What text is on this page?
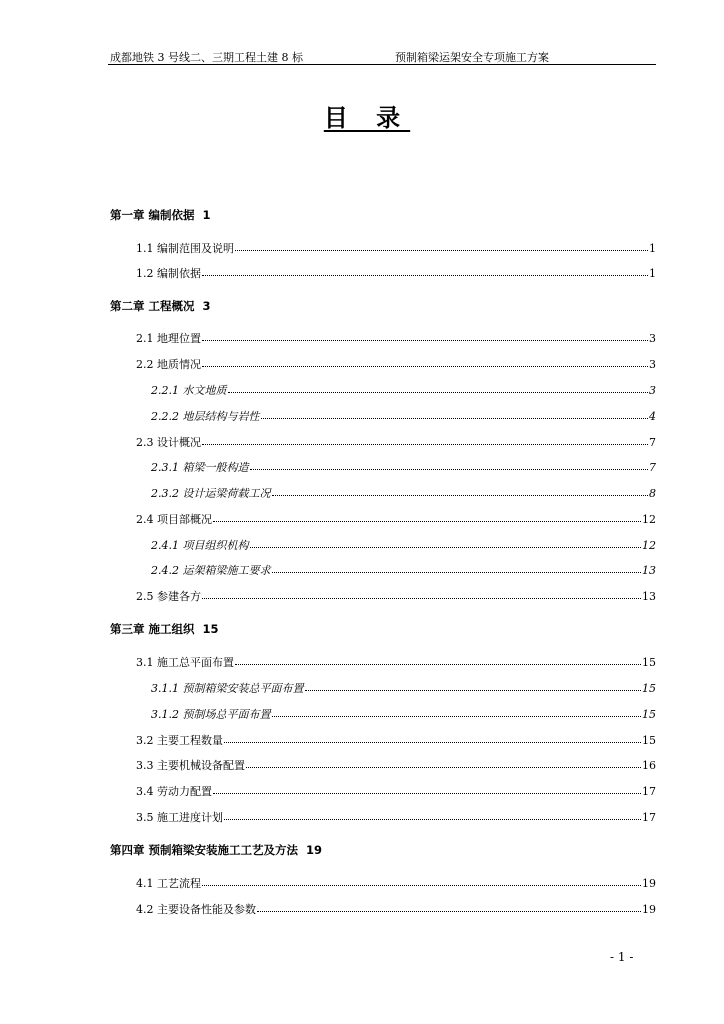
成都地铁 3 号线二、三期工程土建 8 标	预制箱梁运架安全专项施工方案
目 录
第一章 编制依据 1
1.1 编制范围及说明	1
1.2 编制依据	1
第二章 工程概况 3
2.1 地理位置	3
2.2 地质情况	3
2.2.1 水文地质	3
2.2.2 地层结构与岩性	4
2.3 设计概况	7
2.3.1 箱梁一般构造	7
2.3.2 设计运梁荷载工况	8
2.4 项目部概况	12
2.4.1 项目组织机构	12
2.4.2 运架箱梁施工要求	13
2.5 参建各方	13
第三章 施工组织 15
3.1 施工总平面布置	15
3.1.1 预制箱梁安装总平面布置	15
3.1.2 预制场总平面布置	15
3.2 主要工程数量	15
3.3 主要机械设备配置	16
3.4 劳动力配置	17
3.5 施工进度计划	17
第四章 预制箱梁安装施工工艺及方法 19
4.1 工艺流程	19
4.2 主要设备性能及参数	19
- 1 -
